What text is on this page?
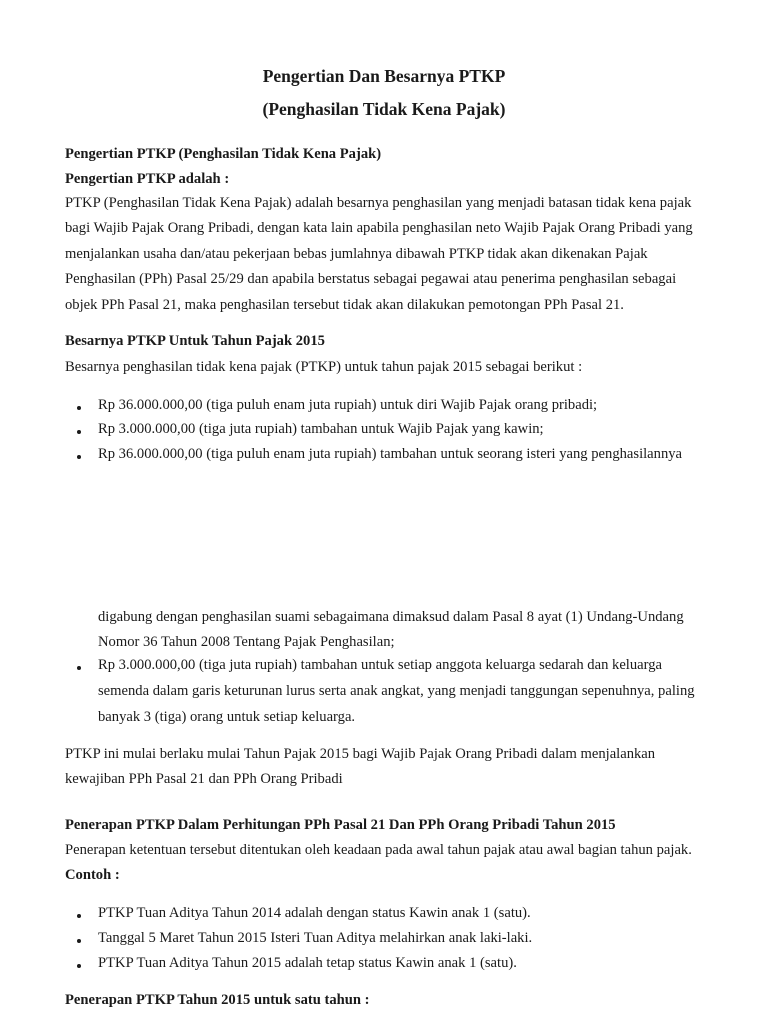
Pengertian Dan Besarnya PTKP
(Penghasilan Tidak Kena Pajak)
Pengertian PTKP (Penghasilan Tidak Kena Pajak)
Pengertian PTKP adalah :
PTKP (Penghasilan Tidak Kena Pajak) adalah besarnya penghasilan yang menjadi batasan tidak kena pajak
bagi Wajib Pajak Orang Pribadi, dengan kata lain apabila penghasilan neto Wajib Pajak Orang Pribadi yang
menjalankan usaha dan/atau pekerjaan bebas jumlahnya dibawah PTKP tidak akan dikenakan Pajak
Penghasilan (PPh) Pasal 25/29 dan apabila berstatus sebagai pegawai atau penerima penghasilan sebagai
objek PPh Pasal 21, maka penghasilan tersebut tidak akan dilakukan pemotongan PPh Pasal 21.
Besarnya PTKP Untuk Tahun Pajak 2015
Besarnya penghasilan tidak kena pajak (PTKP) untuk tahun pajak 2015 sebagai berikut :
Rp 36.000.000,00 (tiga puluh enam juta rupiah) untuk diri Wajib Pajak orang pribadi;
Rp 3.000.000,00 (tiga juta rupiah) tambahan untuk Wajib Pajak yang kawin;
Rp 36.000.000,00 (tiga puluh enam juta rupiah) tambahan untuk seorang isteri yang penghasilannya
digabung dengan penghasilan suami sebagaimana dimaksud dalam Pasal 8 ayat (1) Undang-Undang
Nomor 36 Tahun 2008 Tentang Pajak Penghasilan;
Rp 3.000.000,00 (tiga juta rupiah) tambahan untuk setiap anggota keluarga sedarah dan keluarga
semenda dalam garis keturunan lurus serta anak angkat, yang menjadi tanggungan sepenuhnya, paling
banyak 3 (tiga) orang untuk setiap keluarga.
PTKP ini mulai berlaku mulai Tahun Pajak 2015 bagi Wajib Pajak Orang Pribadi dalam menjalankan
kewajiban PPh Pasal 21 dan PPh Orang Pribadi
Penerapan PTKP Dalam Perhitungan PPh Pasal 21 Dan PPh Orang Pribadi Tahun 2015
Penerapan ketentuan tersebut ditentukan oleh keadaan pada awal tahun pajak atau awal bagian tahun pajak.
Contoh :
PTKP Tuan Aditya Tahun 2014 adalah dengan status Kawin anak 1 (satu).
Tanggal 5 Maret Tahun 2015 Isteri Tuan Aditya melahirkan anak laki-laki.
PTKP Tuan Aditya Tahun 2015 adalah tetap status Kawin anak 1 (satu).
Penerapan PTKP Tahun 2015 untuk satu tahun :
